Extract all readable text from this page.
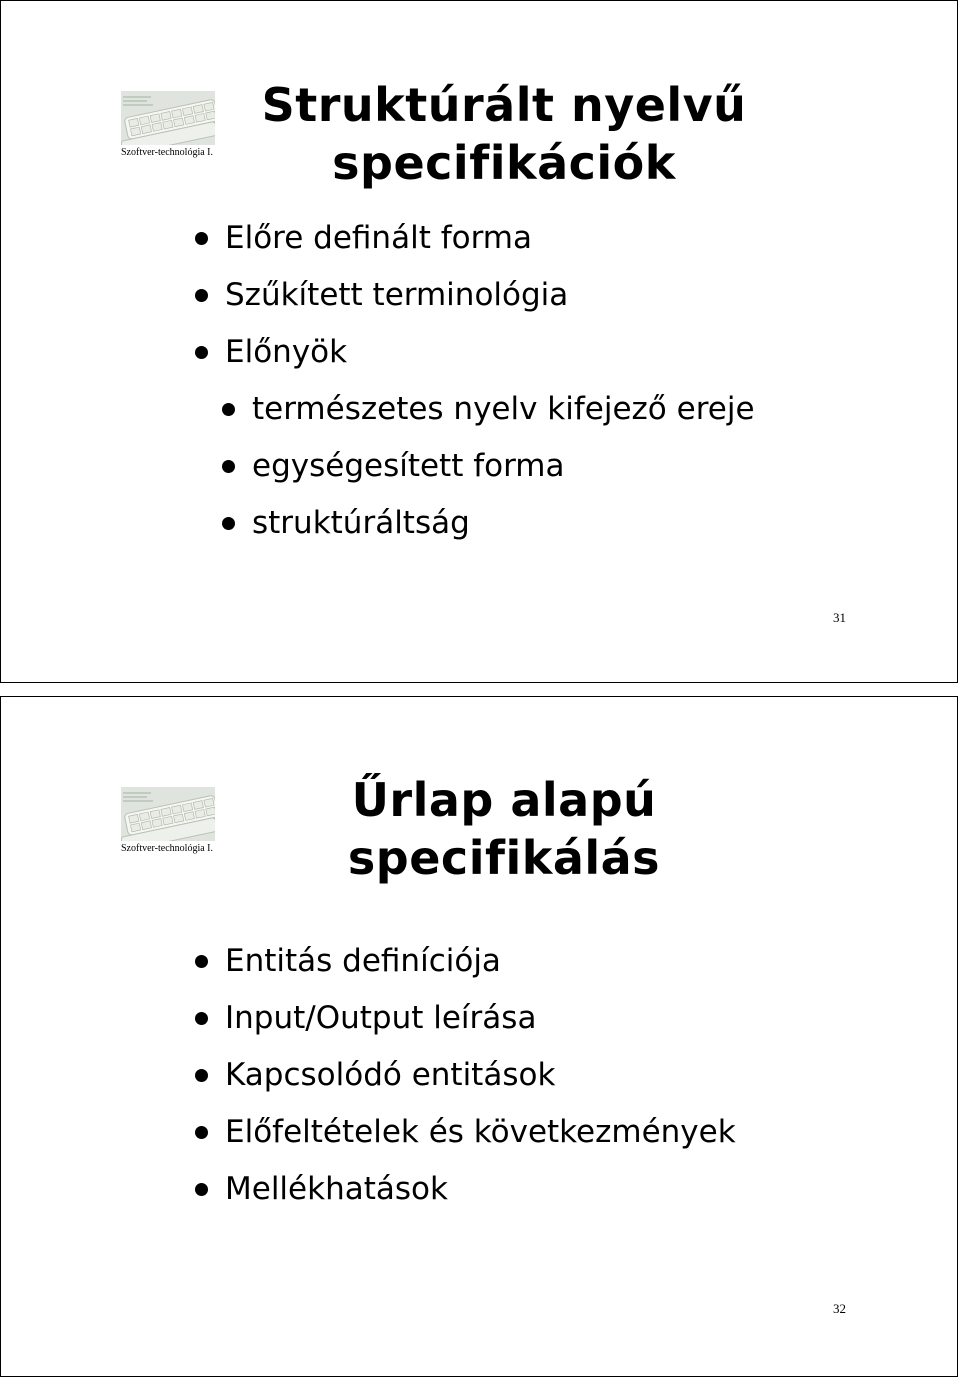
Szoftver-technológia I.
Struktúrált nyelvű
specifikációk
Előre definált forma
Szűkített terminológia
Előnyök
természetes nyelv kifejező ereje
egységesített forma
struktúráltság
31
Szoftver-technológia I.
Űrlap alapú
specifikálás
Entitás definíciója
Input/Output leírása
Kapcsolódó entitások
Előfeltételek és következmények
Mellékhatások
32
